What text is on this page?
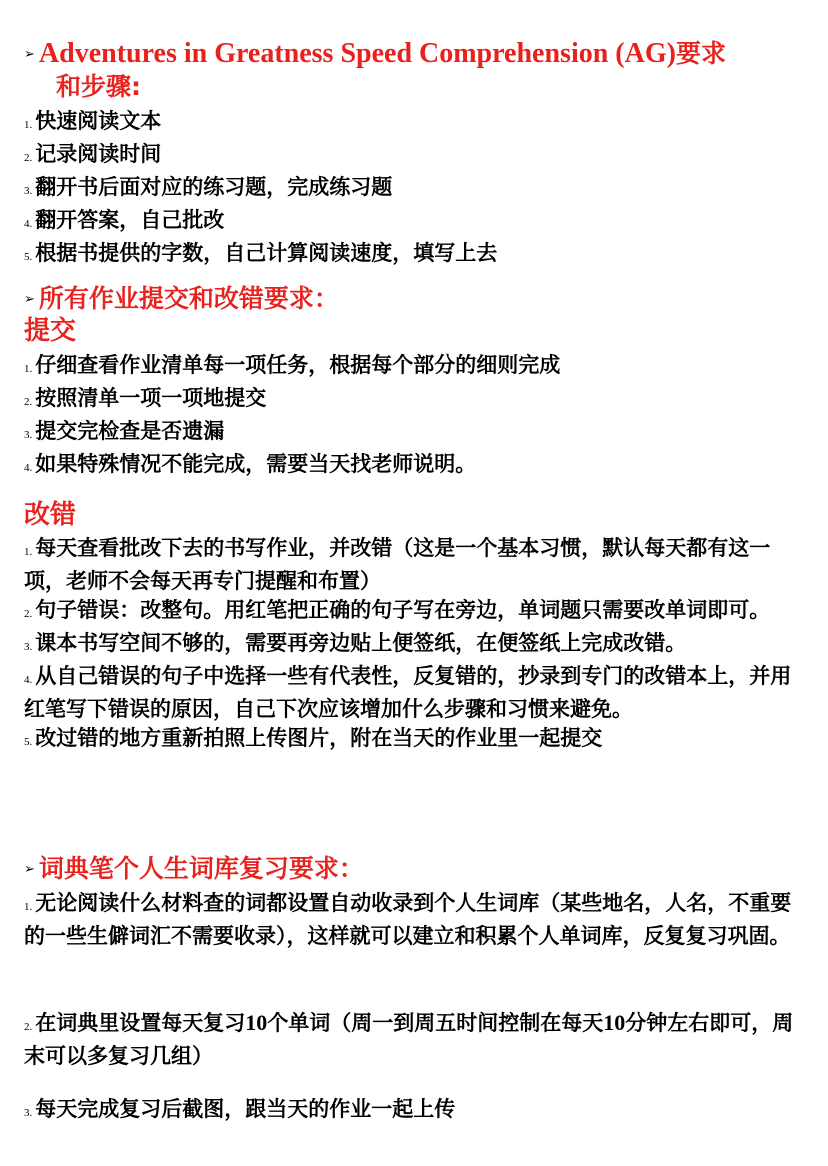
➢ Adventures in Greatness Speed Comprehension (AG)要求
和步骤:
1. 快速阅读文本
2. 记录阅读时间
3. 翻开书后面对应的练习题，完成练习题
4. 翻开答案，自己批改
5. 根据书提供的字数，自己计算阅读速度，填写上去
➢ 所有作业提交和改错要求：
提交
1. 仔细查看作业清单每一项任务，根据每个部分的细则完成
2. 按照清单一项一项地提交
3. 提交完检查是否遗漏
4. 如果特殊情况不能完成，需要当天找老师说明。
改错
1. 每天查看批改下去的书写作业，并改错（这是一个基本习惯，默认每天都有这一项，老师不会每天再专门提醒和布置）
2. 句子错误：改整句。用红笔把正确的句子写在旁边，单词题只需要改单词即可。
3. 课本书写空间不够的，需要再旁边贴上便签纸，在便签纸上完成改错。
4. 从自己错误的句子中选择一些有代表性，反复错的，抄录到专门的改错本上，并用红笔写下错误的原因，自己下次应该增加什么步骤和习惯来避免。
5. 改过错的地方重新拍照上传图片，附在当天的作业里一起提交
➢ 词典笔个人生词库复习要求：
1. 无论阅读什么材料查的词都设置自动收录到个人生词库（某些地名，人名，不重要的一些生僻词汇不需要收录），这样就可以建立和积累个人单词库，反复复习巩固。
2. 在词典里设置每天复习10个单词（周一到周五时间控制在每天10分钟左右即可，周末可以多复习几组）
3. 每天完成复习后截图，跟当天的作业一起上传
